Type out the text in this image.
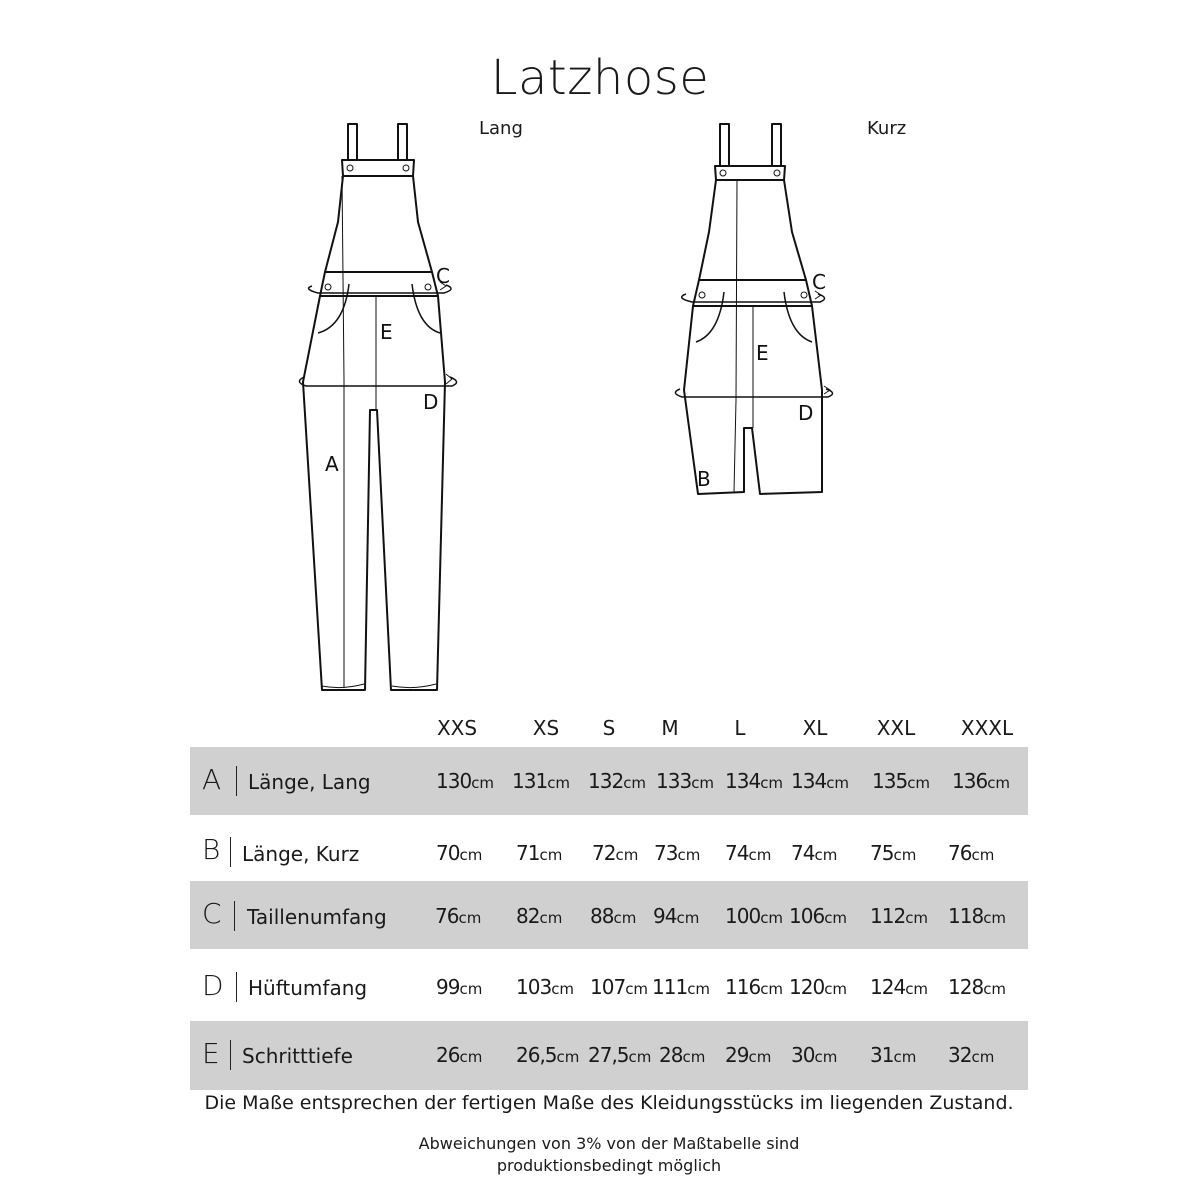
Latzhose
Lang	Kurz
C
E
D
A
C
E
D
B
XXS	XS	S	M	L	XL	XXL	XXXL
A Länge, Lang	130cm 131cm 132cm 133cm 134cm 134cm 135cm 136cm
B Länge, Kurz	70cm 71cm 72cm 73cm 74cm 74cm 75cm 76cm
C Taillenumfang 76cm 82cm 88cm 94cm 100cm 106cm 112cm 118cm
D Hüftumfang	99cm 103cm 107cm 111cm 116cm 120cm 124cm 128cm
E Schritttiefe	26cm 26,5cm 27,5cm 28cm 29cm 30cm 31cm 32cm
Die Maße entsprechen der fertigen Maße des Kleidungsstücks im liegenden Zustand.
Abweichungen von 3% von der Maßtabelle sind
produktionsbedingt möglich
